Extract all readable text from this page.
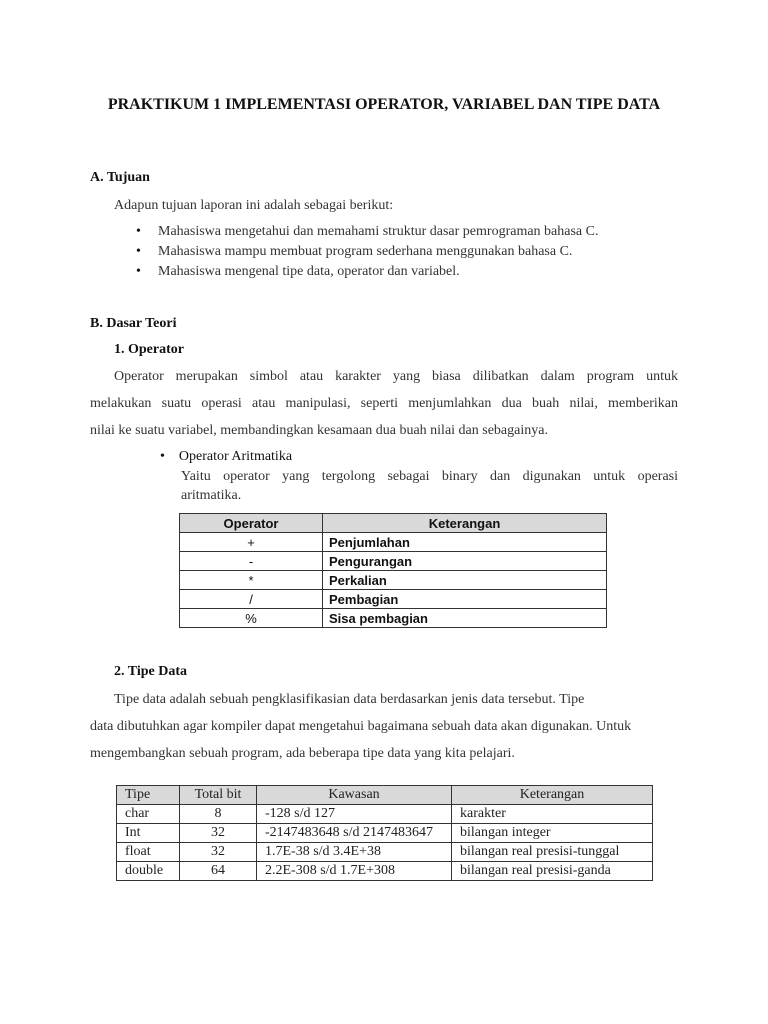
PRAKTIKUM 1 IMPLEMENTASI OPERATOR, VARIABEL DAN TIPE DATA
A. Tujuan
Adapun tujuan laporan ini adalah sebagai berikut:
• Mahasiswa mengetahui dan memahami struktur dasar pemrograman bahasa C.
• Mahasiswa mampu membuat program sederhana menggunakan bahasa C.
• Mahasiswa mengenal tipe data, operator dan variabel.
B. Dasar Teori
1. Operator
Operator merupakan simbol atau karakter yang biasa dilibatkan dalam program untuk
melakukan suatu operasi atau manipulasi, seperti menjumlahkan dua buah nilai, memberikan
nilai ke suatu variabel, membandingkan kesamaan dua buah nilai dan sebagainya.
• Operator Aritmatika
Yaitu operator yang tergolong sebagai binary dan digunakan untuk operasi
aritmatika.
Operator	Keterangan
+	Penjumlahan
-	Pengurangan
*	Perkalian
/	Pembagian
%	Sisa pembagian
2. Tipe Data
Tipe data adalah sebuah pengklasifikasian data berdasarkan jenis data tersebut. Tipe
data dibutuhkan agar kompiler dapat mengetahui bagaimana sebuah data akan digunakan. Untuk
mengembangkan sebuah program, ada beberapa tipe data yang kita pelajari.
Tipe	Total bit	Kawasan	Keterangan
char	8	-128 s/d 127	karakter
Int	32	-2147483648 s/d 2147483647	bilangan integer
float	32	1.7E-38 s/d 3.4E+38	bilangan real presisi-tunggal
double	64	2.2E-308 s/d 1.7E+308	bilangan real presisi-ganda
